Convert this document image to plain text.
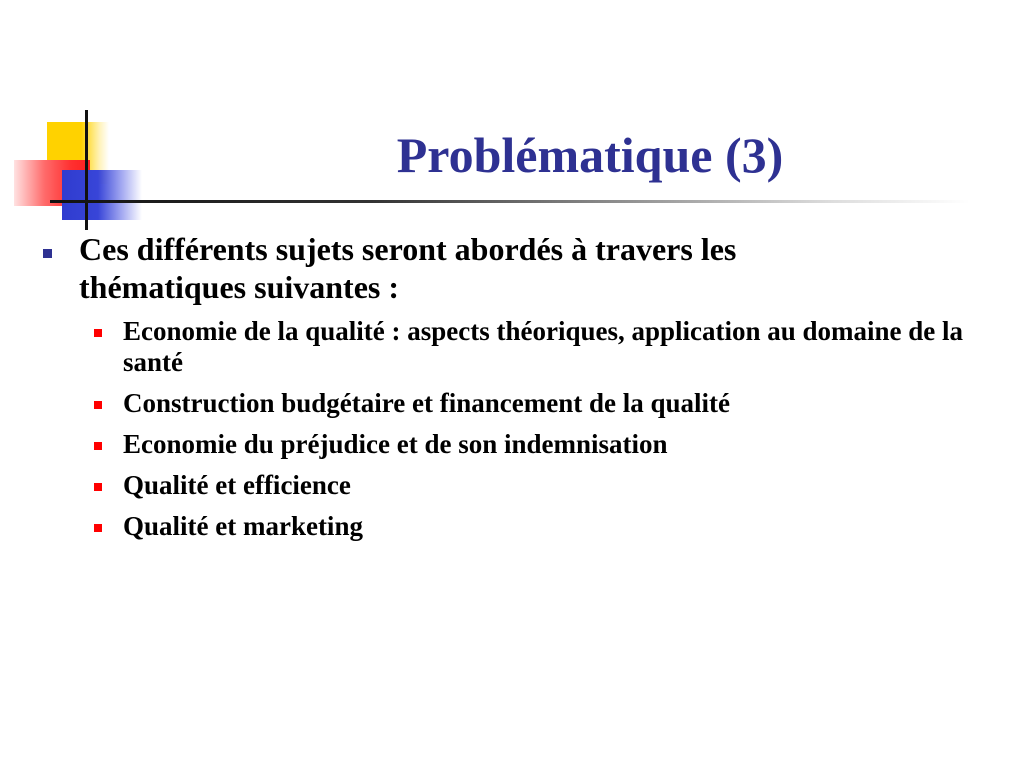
Problématique (3)
Ces différents sujets seront abordés à travers les thématiques suivantes :
Economie de la qualité : aspects théoriques, application au domaine de la santé
Construction budgétaire et financement de la qualité
Economie du préjudice et de son indemnisation
Qualité et efficience
Qualité et marketing
